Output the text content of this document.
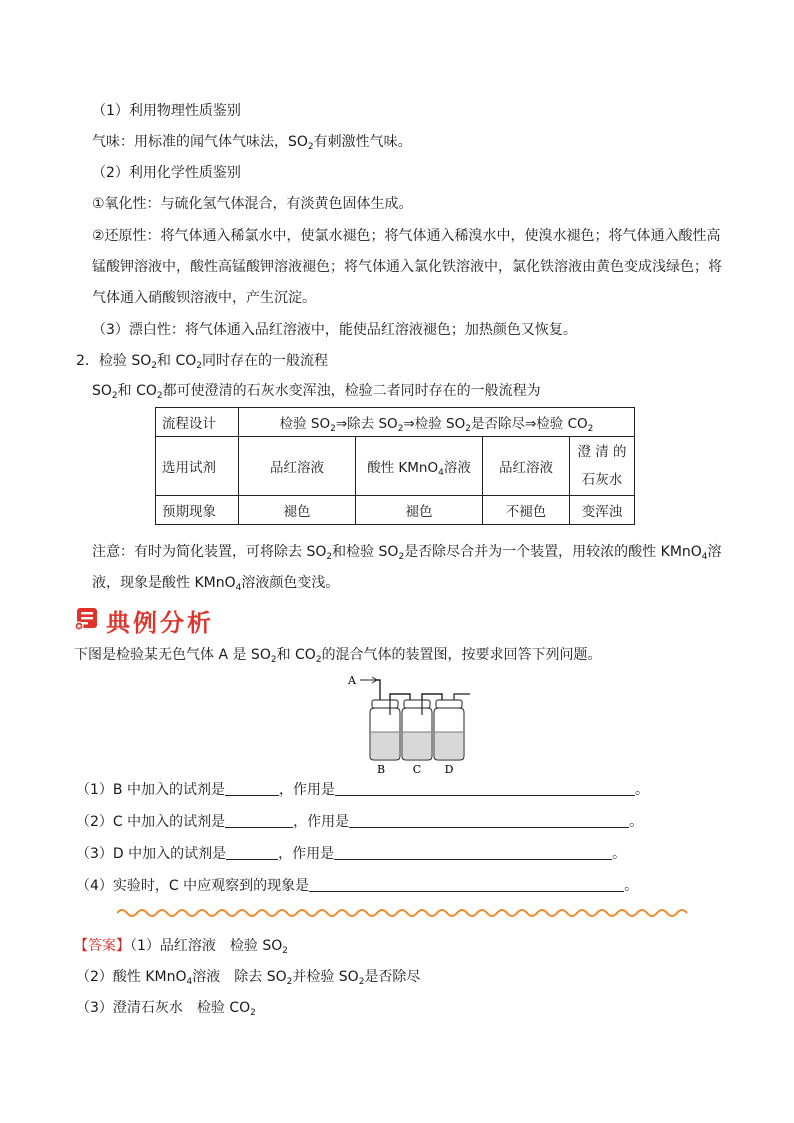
（1）利用物理性质鉴别
气味：用标准的闻气体气味法，$SO_2$有刺激性气味。
（2）利用化学性质鉴别
①氧化性：与硫化氢气体混合，有淡黄色固体生成。
②还原性：将气体通入稀氯水中，使氯水褪色；将气体通入稀溴水中，使溴水褪色；将气体通入酸性高
锰酸钾溶液中，酸性高锰酸钾溶液褪色；将气体通入氯化铁溶液中，氯化铁溶液由黄色变成浅绿色；将
气体通入硝酸钡溶液中，产生沉淀。
（3）漂白性：将气体通入品红溶液中，能使品红溶液褪色；加热颜色又恢复。
2．检验 $SO_2$和 $CO_2$同时存在的一般流程
$SO_2$和 $CO_2$都可使澄清的石灰水变浑浊，检验二者同时存在的一般流程为
流程设计	检验 $SO_2\Rightarrow$除去 $SO_2\Rightarrow$检验 $SO_2$是否除尽⇒检验 $CO_2$
选用试剂	品红溶液	酸性 KMnO$_4$溶液	品红溶液	澄 清 的
石灰水

预期现象	褪色	褪色	不褪色	变浑浊
注意：有时为简化装置，可将除去 $SO_2$和检验 $SO_2$是否除尽合并为一个装置，用较浓的酸性 KMnO$_4$溶
液，现象是酸性 KMnO$_4$溶液颜色变浅。
典例分析
下图是检验某无色气体 A 是 $SO_2$和 $CO_2$的混合气体的装置图，按要求回答下列问题。
A
B	C D
（1）B 中加入的试剂是	，作用是	。
（2）C 中加入的试剂是	，作用是	。
（3）D 中加入的试剂是	，作用是	。
（4）实验时，C 中应观察到的现象是	。
【答案】（1）品红溶液　检验 $SO_2$
（2）酸性 KMnO$_4$溶液　除去 $SO_2$并检验 $SO_2$是否除尽
（3）澄清石灰水　检验 $CO_2$
